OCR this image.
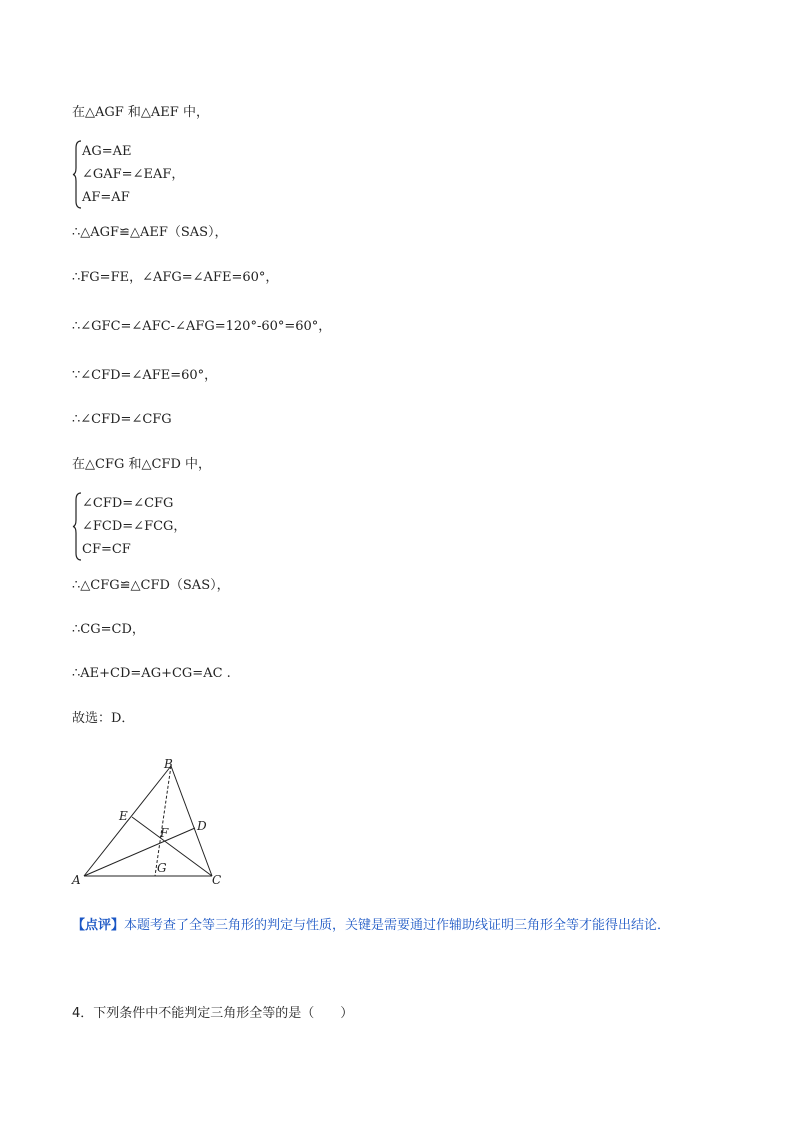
在△AGF 和△AEF 中，
AG=AE
∠GAF=∠EAF，
AF=AF
∴△AGF≌△AEF（SAS），
∴FG=FE，∠AFG=∠AFE=60°，
∴∠GFC=∠AFC-∠AFG=120°-60°=60°，
∵∠CFD=∠AFE=60°，
∴∠CFD=∠CFG
在△CFG 和△CFD 中，
∠CFD=∠CFG
∠FCD=∠FCG，
CF=CF
∴△CFG≌△CFD（SAS），
∴CG=CD，
∴AE+CD=AG+CG=AC .
故选：D．
B
E
D
F
G
A	C
【点评】本题考查了全等三角形的判定与性质，关键是需要通过作辅助线证明三角形全等才能得出结论．
4．下列条件中不能判定三角形全等的是（　　）
